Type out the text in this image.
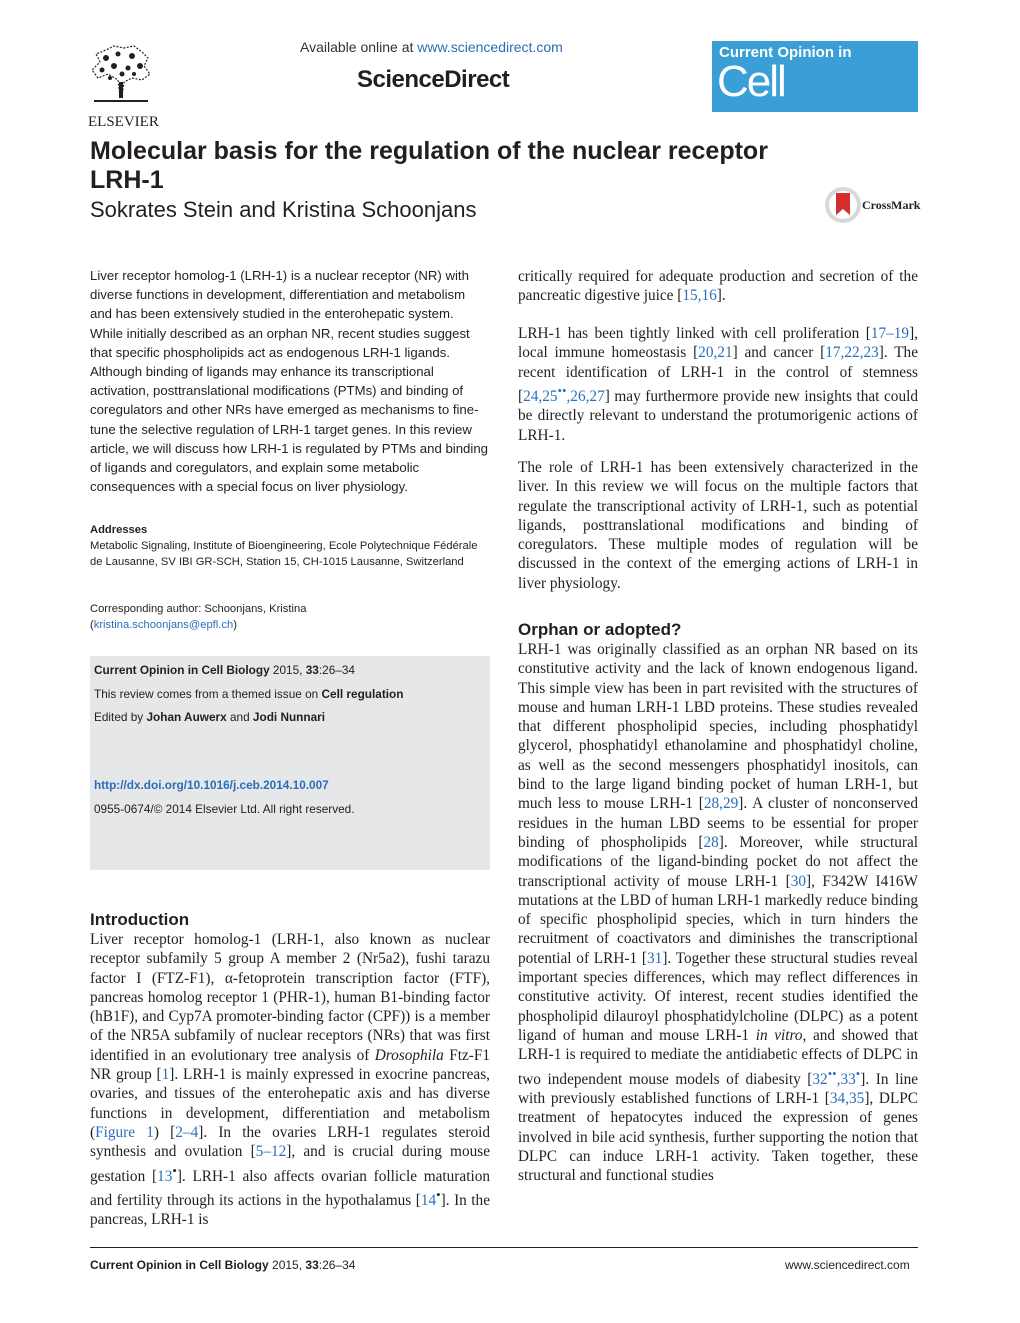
ELSEVIER
Available online at www.sciencedirect.com
ScienceDirect
Current Opinion in
Cell Biology
Molecular basis for the regulation of the nuclear receptor LRH-1
Sokrates Stein and Kristina Schoonjans	CrossMark
Liver receptor homolog-1 (LRH-1) is a nuclear receptor (NR) with diverse functions in development, differentiation and metabolism and has been extensively studied in the enterohepatic system. While initially described as an orphan NR, recent studies suggest that specific phospholipids act as endogenous LRH-1 ligands. Although binding of ligands may enhance its transcriptional activation, posttranslational modifications (PTMs) and binding of coregulators and other NRs have emerged as mechanisms to fine-tune the selective regulation of LRH-1 target genes. In this review article, we will discuss how LRH-1 is regulated by PTMs and binding of ligands and coregulators, and explain some metabolic consequences with a special focus on liver physiology.
Addresses
Metabolic Signaling, Institute of Bioengineering, Ecole Polytechnique Fédérale de Lausanne, SV IBI GR-SCH, Station 15, CH-1015 Lausanne, Switzerland
Corresponding author: Schoonjans, Kristina
(kristina.schoonjans@epfl.ch)
Current Opinion in Cell Biology 2015, 33:26–34
This review comes from a themed issue on Cell regulation
Edited by Johan Auwerx and Jodi Nunnari
http://dx.doi.org/10.1016/j.ceb.2014.10.007
0955-0674/© 2014 Elsevier Ltd. All right reserved.
Introduction
Liver receptor homolog-1 (LRH-1, also known as nuclear receptor subfamily 5 group A member 2 (Nr5a2), fushi tarazu factor I (FTZ-F1), α-fetoprotein transcription factor (FTF), pancreas homolog receptor 1 (PHR-1), human B1-binding factor (hB1F), and Cyp7A promoter-binding factor (CPF)) is a member of the NR5A subfamily of nuclear receptors (NRs) that was first identified in an evolutionary tree analysis of Drosophila Ftz-F1 NR group [1]. LRH-1 is mainly expressed in exocrine pancreas, ovaries, and tissues of the enterohepatic axis and has diverse functions in development, differentiation and metabolism (Figure 1) [2–4]. In the ovaries LRH-1 regulates steroid synthesis and ovulation [5–12], and is crucial during mouse gestation [13•]. LRH-1 also affects ovarian follicle maturation and fertility through its actions in the hypothalamus [14•]. In the pancreas, LRH-1 is
critically required for adequate production and secretion of the pancreatic digestive juice [15,16].
LRH-1 has been tightly linked with cell proliferation [17–19], local immune homeostasis [20,21] and cancer [17,22,23]. The recent identification of LRH-1 in the control of stemness [24,25••,26,27] may furthermore provide new insights that could be directly relevant to understand the protumorigenic actions of LRH-1.
The role of LRH-1 has been extensively characterized in the liver. In this review we will focus on the multiple factors that regulate the transcriptional activity of LRH-1, such as potential ligands, posttranslational modifications and binding of coregulators. These multiple modes of regulation will be discussed in the context of the emerging actions of LRH-1 in liver physiology.
Orphan or adopted?
LRH-1 was originally classified as an orphan NR based on its constitutive activity and the lack of known endogenous ligand. This simple view has been in part revisited with the structures of mouse and human LRH-1 LBD proteins. These studies revealed that different phospholipid species, including phosphatidyl glycerol, phosphatidyl ethanolamine and phosphatidyl choline, as well as the second messengers phosphatidyl inositols, can bind to the large ligand binding pocket of human LRH-1, but much less to mouse LRH-1 [28,29]. A cluster of nonconserved residues in the human LBD seems to be essential for proper binding of phospholipids [28]. Moreover, while structural modifications of the ligand-binding pocket do not affect the transcriptional activity of mouse LRH-1 [30], F342W I416W mutations at the LBD of human LRH-1 markedly reduce binding of specific phospholipid species, which in turn hinders the recruitment of coactivators and diminishes the transcriptional potential of LRH-1 [31]. Together these structural studies reveal important species differences, which may reflect differences in constitutive activity. Of interest, recent studies identified the phospholipid dilauroyl phosphatidylcholine (DLPC) as a potent ligand of human and mouse LRH-1 in vitro, and showed that LRH-1 is required to mediate the antidiabetic effects of DLPC in two independent mouse models of diabesity [32••,33•]. In line with previously established functions of LRH-1 [34,35], DLPC treatment of hepatocytes induced the expression of genes involved in bile acid synthesis, further supporting the notion that DLPC can induce LRH-1 activity. Taken together, these structural and functional studies
Current Opinion in Cell Biology 2015, 33:26–34	www.sciencedirect.com
